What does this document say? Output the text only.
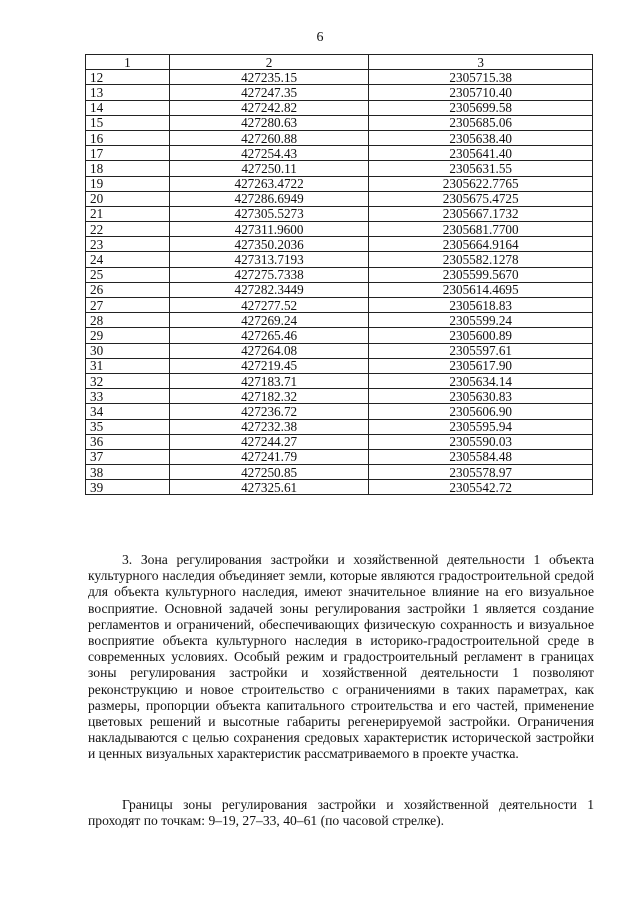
6
1	2	3
12	427235.15	2305715.38
13	427247.35	2305710.40
14	427242.82	2305699.58
15	427280.63	2305685.06
16	427260.88	2305638.40
17	427254.43	2305641.40
18	427250.11	2305631.55
19	427263.4722	2305622.7765
20	427286.6949	2305675.4725
21	427305.5273	2305667.1732
22	427311.9600	2305681.7700
23	427350.2036	2305664.9164
24	427313.7193	2305582.1278
25	427275.7338	2305599.5670
26	427282.3449	2305614.4695
27	427277.52	2305618.83
28	427269.24	2305599.24
29	427265.46	2305600.89
30	427264.08	2305597.61
31	427219.45	2305617.90
32	427183.71	2305634.14
33	427182.32	2305630.83
34	427236.72	2305606.90
35	427232.38	2305595.94
36	427244.27	2305590.03
37	427241.79	2305584.48
38	427250.85	2305578.97
39	427325.61	2305542.72

3. Зона регулирования застройки и хозяйственной деятельности 1 объекта культурного наследия объединяет земли, которые являются градостроительной средой для объекта культурного наследия, имеют значительное влияние на его визуальное восприятие. Основной задачей зоны регулирования застройки 1 является создание регламентов и ограничений, обеспечивающих физическую сохранность и визуальное восприятие объекта культурного наследия в историко-градостроительной среде в современных условиях. Особый режим и градостроительный регламент в границах зоны регулирования застройки и хозяйственной деятельности 1 позволяют реконструкцию и новое строительство с ограничениями в таких параметрах, как размеры, пропорции объекта капитального строительства и его частей, применение цветовых решений и высотные габариты регенерируемой застройки. Ограничения накладываются с целью сохранения средовых характеристик исторической застройки и ценных визуальных характеристик рассматриваемого в проекте участка.

Границы зоны регулирования застройки и хозяйственной деятельности 1 проходят по точкам: 9–19, 27–33, 40–61 (по часовой стрелке).
